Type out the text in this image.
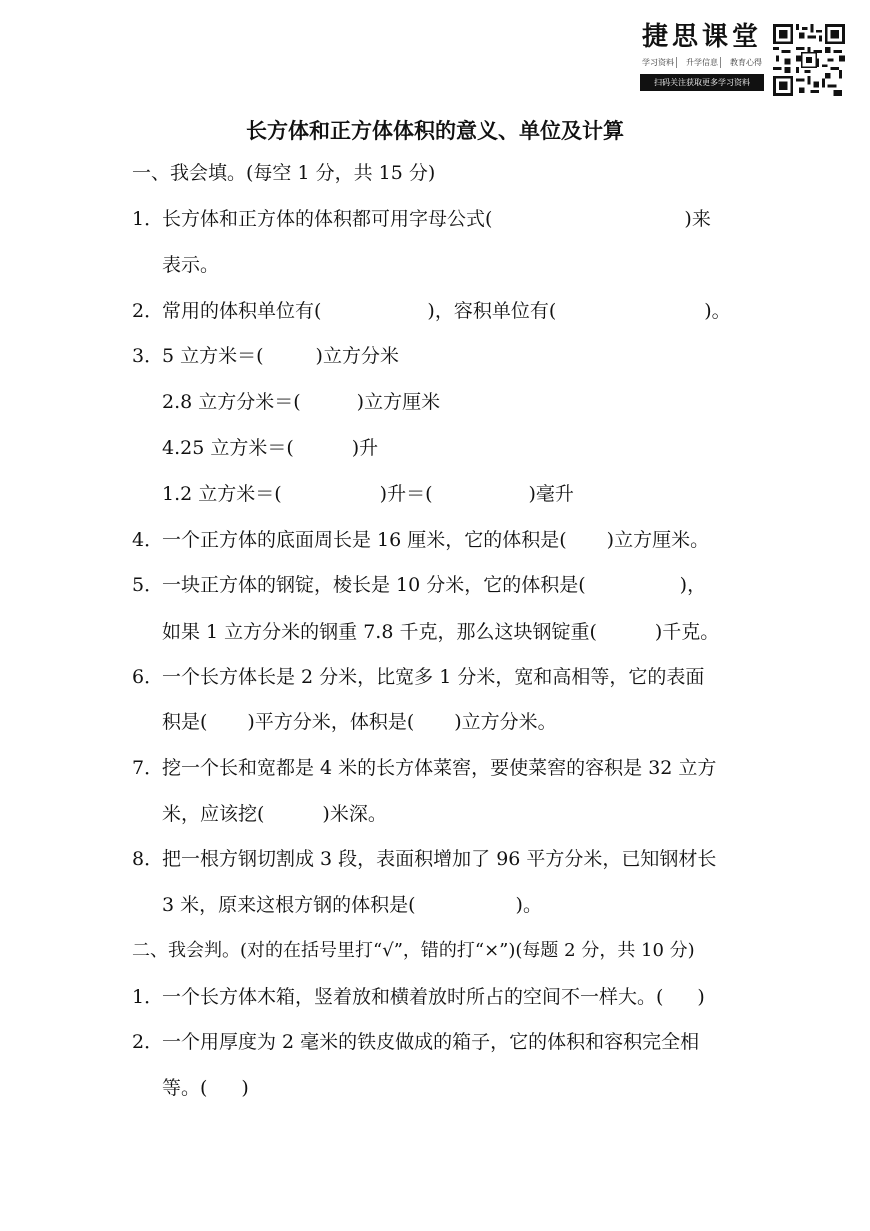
捷思课堂
学习资料	升学信息	教育心得
扫码关注获取更多学习资料
长方体和正方体体积的意义、单位及计算
一、我会填。(每空 1 分，共 15 分)
1．长方体和正方体的体积都可用字母公式(	)来
表示。
2．常用的体积单位有(	)，容积单位有(	)。
3．5 立方米＝(	)立方分米
2.8 立方分米＝(	)立方厘米
4.25 立方米＝(	)升
1.2 立方米＝(	)升＝(	)毫升
4．一个正方体的底面周长是 16 厘米，它的体积是( )立方厘米。
5．一块正方体的钢锭，棱长是 10 分米，它的体积是(	)，
如果 1 立方分米的钢重 7.8 千克，那么这块钢锭重(	)千克。
6．一个长方体长是 2 分米，比宽多 1 分米，宽和高相等，它的表面
积是( )平方分米，体积是( )立方分米。
7．挖一个长和宽都是 4 米的长方体菜窖，要使菜窖的容积是 32 立方
米，应该挖(	)米深。
8．把一根方钢切割成 3 段，表面积增加了 96 平方分米，已知钢材长
3 米，原来这根方钢的体积是(	)。
二、我会判。(对的在括号里打“√”，错的打“×”)(每题 2 分，共 10 分)
1．一个长方体木箱，竖着放和横着放时所占的空间不一样大。( )
2．一个用厚度为 2 毫米的铁皮做成的箱子，它的体积和容积完全相
等。( )
